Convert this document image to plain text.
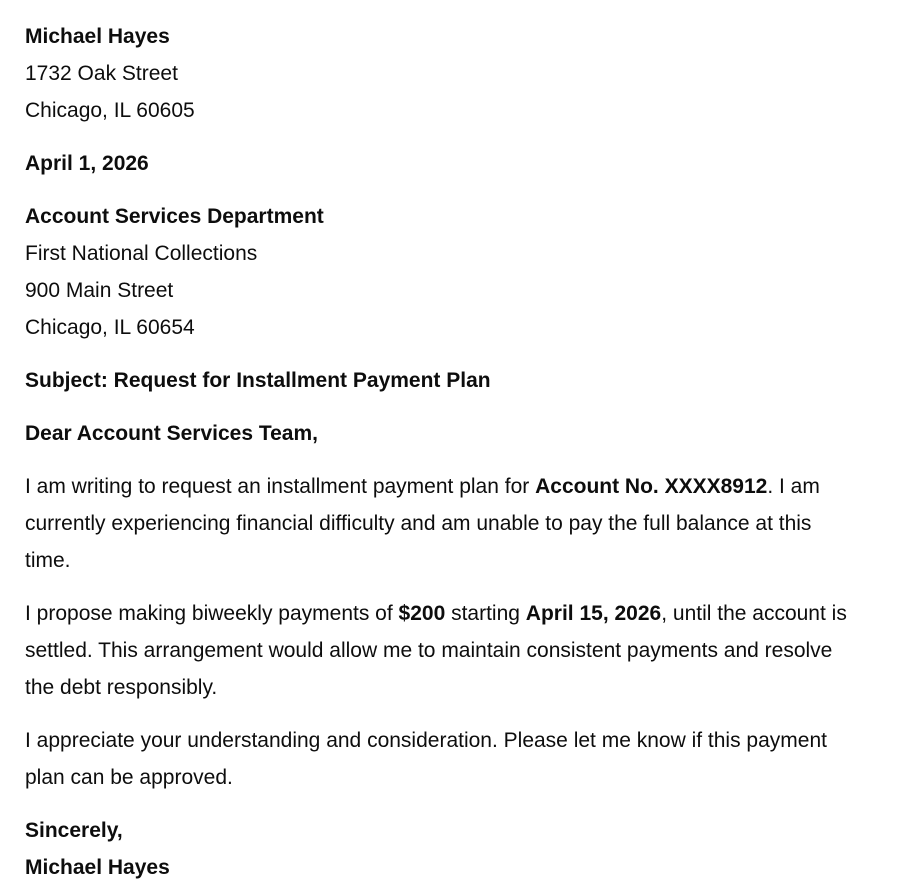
Michael Hayes
1732 Oak Street
Chicago, IL 60605
April 1, 2026
Account Services Department
First National Collections
900 Main Street
Chicago, IL 60654
Subject: Request for Installment Payment Plan
Dear Account Services Team,

I am writing to request an installment payment plan for Account No. XXXX8912. I am currently experiencing financial difficulty and am unable to pay the full balance at this time.

I propose making biweekly payments of $200 starting April 15, 2026, until the account is settled. This arrangement would allow me to maintain consistent payments and resolve the debt responsibly.

I appreciate your understanding and consideration. Please let me know if this payment plan can be approved.

Sincerely,
Michael Hayes
